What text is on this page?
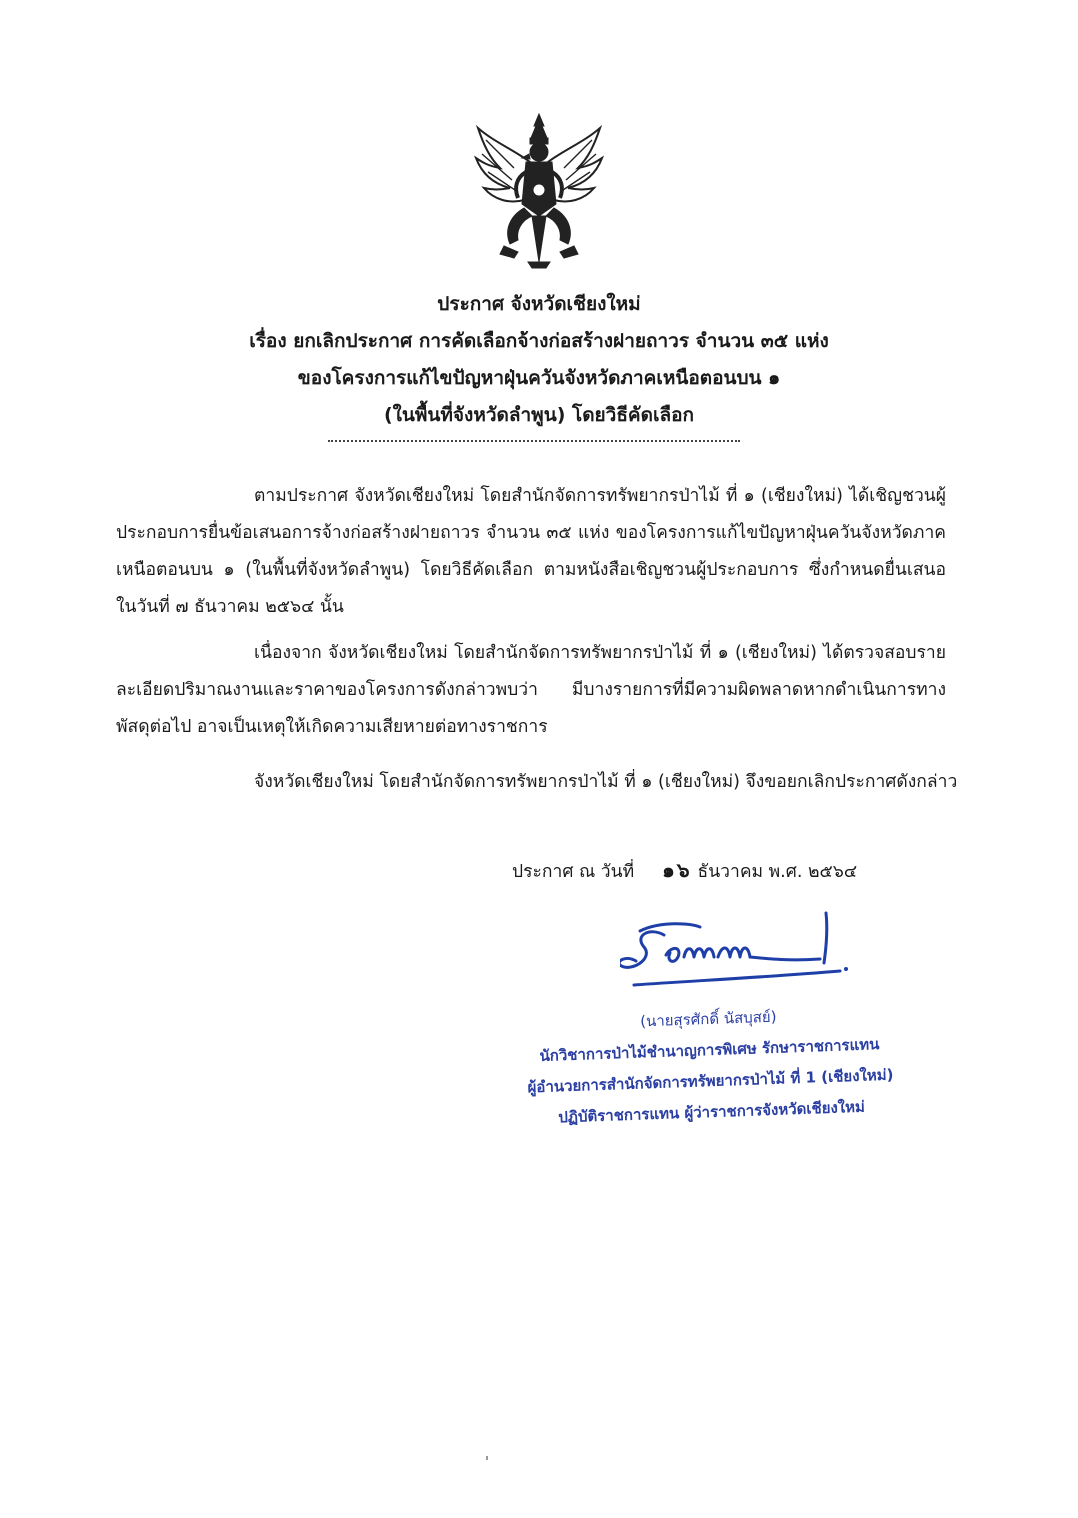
ประกาศ จังหวัดเชียงใหม่
เรื่อง ยกเลิกประกาศ การคัดเลือกจ้างก่อสร้างฝายถาวร จำนวน ๓๕ แห่ง
ของโครงการแก้ไขปัญหาฝุ่นควันจังหวัดภาคเหนือตอนบน ๑
(ในพื้นที่จังหวัดลำพูน) โดยวิธีคัดเลือก

ตามประกาศ จังหวัดเชียงใหม่ โดยสำนักจัดการทรัพยากรป่าไม้ ที่ ๑ (เชียงใหม่) ได้เชิญชวนผู้ประกอบการยื่นข้อเสนอการจ้างก่อสร้างฝายถาวร จำนวน ๓๕ แห่ง ของโครงการแก้ไขปัญหาฝุ่นควันจังหวัดภาคเหนือตอนบน ๑ (ในพื้นที่จังหวัดลำพูน) โดยวิธีคัดเลือก ตามหนังสือเชิญชวนผู้ประกอบการ ซึ่งกำหนดยื่นเสนอ ในวันที่ ๗ ธันวาคม ๒๕๖๔ นั้น

เนื่องจาก จังหวัดเชียงใหม่ โดยสำนักจัดการทรัพยากรป่าไม้ ที่ ๑ (เชียงใหม่) ได้ตรวจสอบรายละเอียดปริมาณงานและราคาของโครงการดังกล่าวพบว่า มีบางรายการที่มีความผิดพลาดหากดำเนินการทางพัสดุต่อไป อาจเป็นเหตุให้เกิดความเสียหายต่อทางราชการ

จังหวัดเชียงใหม่ โดยสำนักจัดการทรัพยากรป่าไม้ ที่ ๑ (เชียงใหม่) จึงขอยกเลิกประกาศดังกล่าว
ประกาศ ณ วันที่ ๑๖ ธันวาคม พ.ศ. ๒๕๖๔
(นายสุรศักดิ์ นัสบุสย์)
นักวิชาการป่าไม้ชำนาญการพิเศษ รักษาราชการแทน
ผู้อำนวยการสำนักจัดการทรัพยากรป่าไม้ ที่ 1 (เชียงใหม่)
ปฏิบัติราชการแทน ผู้ว่าราชการจังหวัดเชียงใหม่
